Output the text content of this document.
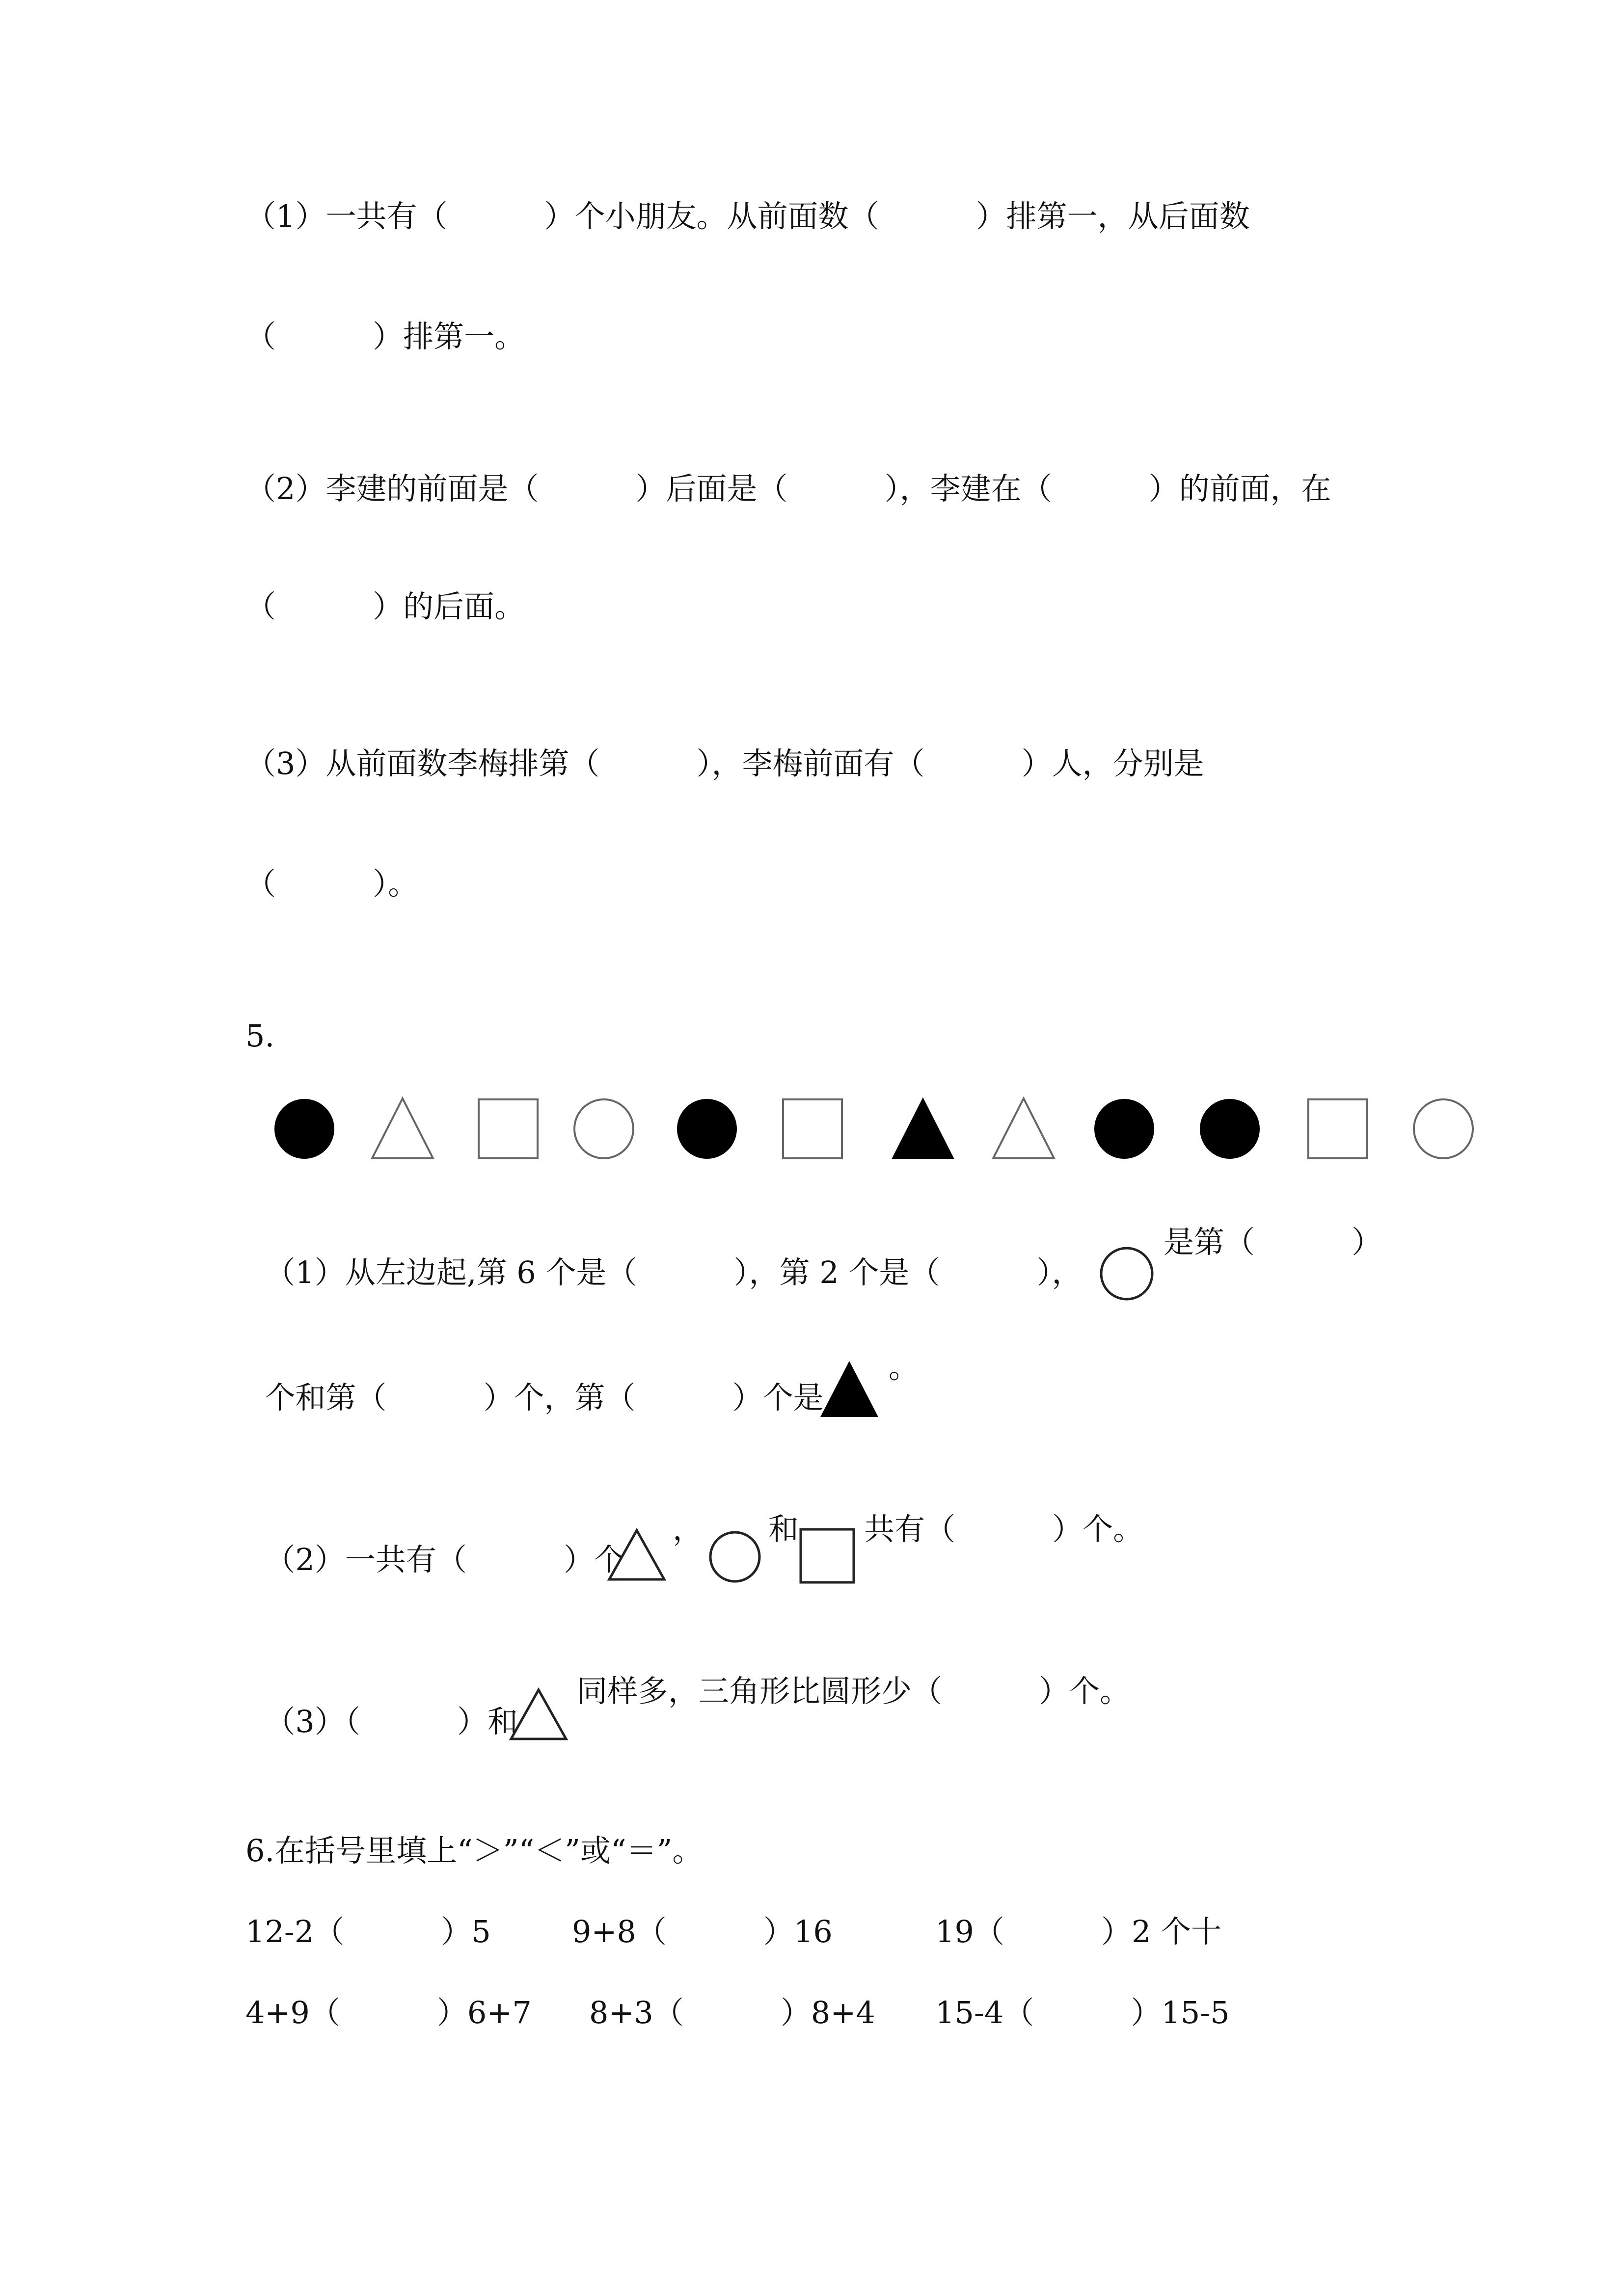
（1）一共有（          ）个小朋友。从前面数（          ）排第一，从后面数
（          ）排第一。
（2）李建的前面是（          ）后面是（          ），李建在（          ）的前面，在
（          ）的后面。
（3）从前面数李梅排第（          ），李梅前面有（          ）人，分别是
（          ）。
5.

（1）从左边起,第 6 个是（          ），第 2 个是（          ），

是第（          ）

个和第（          ）个，第（          ）个是

。

（2）一共有（          ）个

， 和 共有（          ）个。

（3）（          ）和

同样多，三角形比圆形少（          ）个。
6.在括号里填上“＞”“＜”或“＝”。
12-2（          ）5	9+8（          ）16	19（          ）2 个十
4+9（          ）6+7 8+3（          ）8+4 15-4（          ）15-5
